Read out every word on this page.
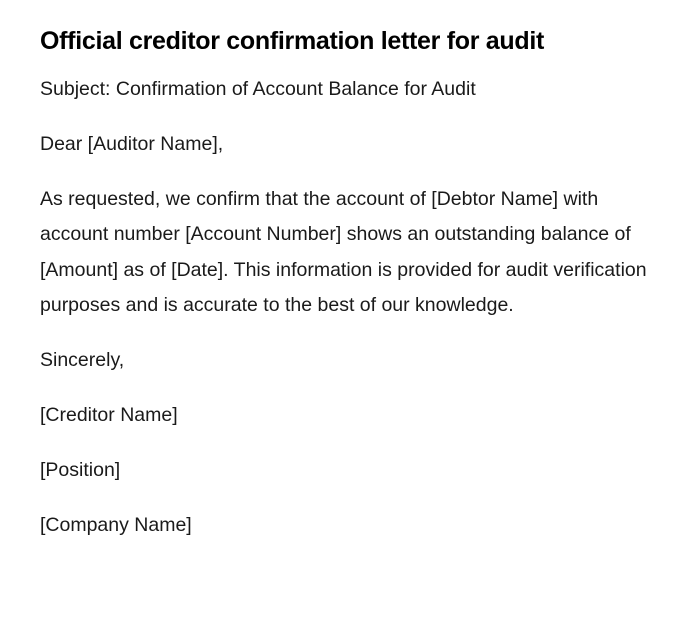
Official creditor confirmation letter for audit

Subject: Confirmation of Account Balance for Audit

Dear [Auditor Name],

As requested, we confirm that the account of [Debtor Name] with account number [Account Number] shows an outstanding balance of [Amount] as of [Date]. This information is provided for audit verification purposes and is accurate to the best of our knowledge.

Sincerely,

[Creditor Name]

[Position]

[Company Name]
